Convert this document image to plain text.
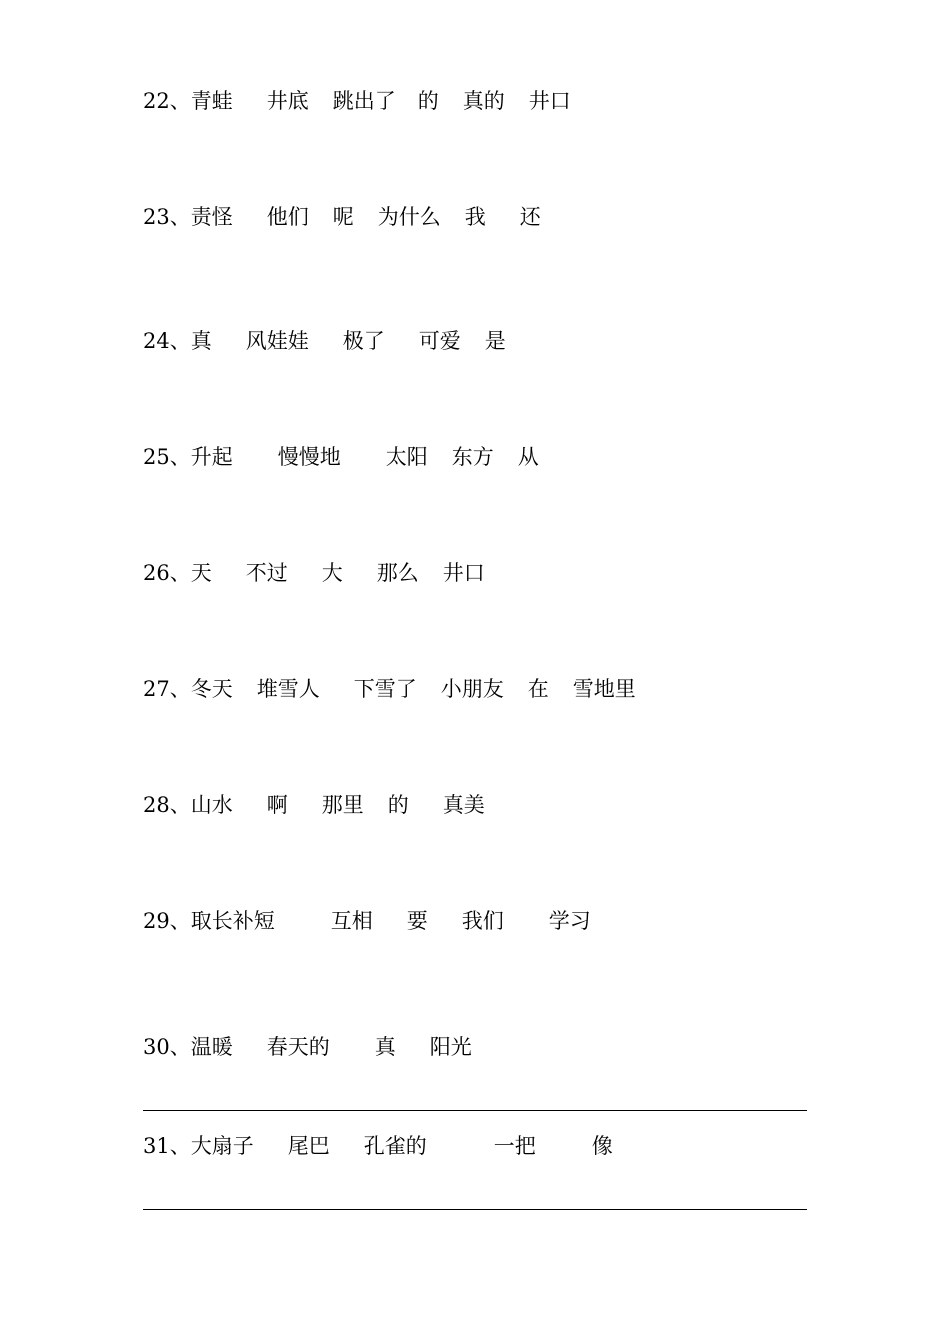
22、青蛙 井底 跳出了 的 真的 井口
23、责怪 他们 呢 为什么 我 还
24、真 风娃娃 极了 可爱 是
25、升起 慢慢地 太阳 东方 从
26、天 不过 大 那么 井口
27、冬天 堆雪人 下雪了 小朋友 在 雪地里
28、山水 啊 那里 的 真美
29、取长补短	互相 要 我们 学习
30、温暖 春天的 真 阳光
31、大扇子 尾巴 孔雀的	一把	像
